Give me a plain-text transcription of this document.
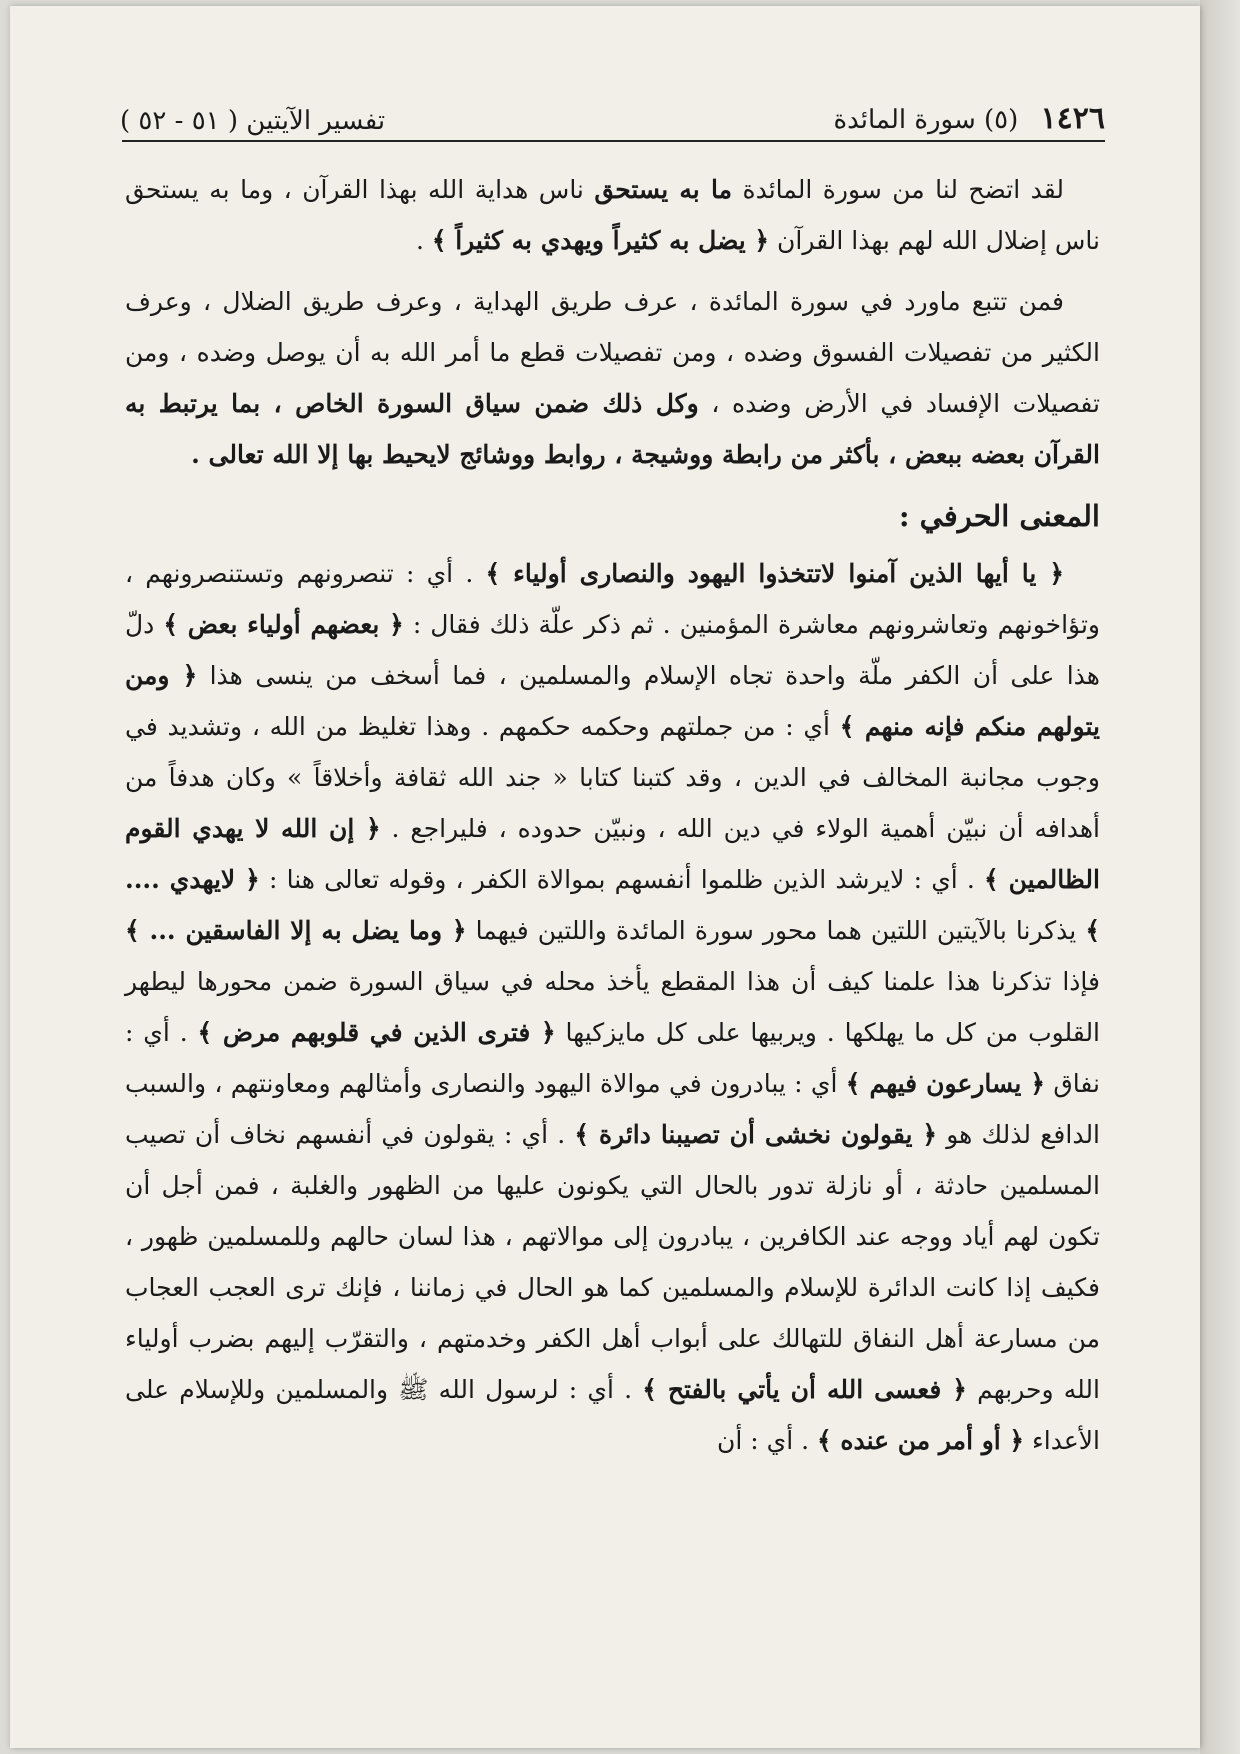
١٤٢٦ (٥) سورة المائدة
تفسير الآيتين ( ٥١ - ٥٢ )

لقد اتضح لنا من سورة المائدة ما به يستحق ناس هداية الله بهذا القرآن ، وما به يستحق ناس إضلال الله لهم بهذا القرآن ﴿ يضل به كثيراً ويهدي به كثيراً ﴾ .

فمن تتبع ماورد في سورة المائدة ، عرف طريق الهداية ، وعرف طريق الضلال ، وعرف الكثير من تفصيلات الفسوق وضده ، ومن تفصيلات قطع ما أمر الله به أن يوصل وضده ، ومن تفصيلات الإفساد في الأرض وضده ، وكل ذلك ضمن سياق السورة الخاص ، بما يرتبط به القرآن بعضه ببعض ، بأكثر من رابطة ووشيجة ، روابط ووشائج لايحيط بها إلا الله تعالى .

المعنى الحرفي :

﴿ يا أيها الذين آمنوا لاتتخذوا اليهود والنصارى أولياء ﴾ . أي : تنصرونهم وتستنصرونهم ، وتؤاخونهم وتعاشرونهم معاشرة المؤمنين . ثم ذكر علّة ذلك فقال : ﴿ بعضهم أولياء بعض ﴾ دلّ هذا على أن الكفر ملّة واحدة تجاه الإسلام والمسلمين ، فما أسخف من ينسى هذا ﴿ ومن يتولهم منكم فإنه منهم ﴾ أي : من جملتهم وحكمه حكمهم . وهذا تغليظ من الله ، وتشديد في وجوب مجانبة المخالف في الدين ، وقد كتبنا كتابا « جند الله ثقافة وأخلاقاً » وكان هدفاً من أهدافه أن نبيّن أهمية الولاء في دين الله ، ونبيّن حدوده ، فليراجع . ﴿ إن الله لا يهدي القوم الظالمين ﴾ . أي : لايرشد الذين ظلموا أنفسهم بموالاة الكفر ، وقوله تعالى هنا : ﴿ لايهدي .... ﴾ يذكرنا بالآيتين اللتين هما محور سورة المائدة واللتين فيهما ﴿ وما يضل به إلا الفاسقين ... ﴾ فإذا تذكرنا هذا علمنا كيف أن هذا المقطع يأخذ محله في سياق السورة ضمن محورها ليطهر القلوب من كل ما يهلكها . ويربيها على كل مايزكيها ﴿ فترى الذين في قلوبهم مرض ﴾ . أي : نفاق ﴿ يسارعون فيهم ﴾ أي : يبادرون في موالاة اليهود والنصارى وأمثالهم ومعاونتهم ، والسبب الدافع لذلك هو ﴿ يقولون نخشى أن تصيبنا دائرة ﴾ . أي : يقولون في أنفسهم نخاف أن تصيب المسلمين حادثة ، أو نازلة تدور بالحال التي يكونون عليها من الظهور والغلبة ، فمن أجل أن تكون لهم أياد ووجه عند الكافرين ، يبادرون إلى موالاتهم ، هذا لسان حالهم وللمسلمين ظهور ، فكيف إذا كانت الدائرة للإسلام والمسلمين كما هو الحال في زماننا ، فإنك ترى العجب العجاب من مسارعة أهل النفاق للتهالك على أبواب أهل الكفر وخدمتهم ، والتقرّب إليهم بضرب أولياء الله وحربهم ﴿ فعسى الله أن يأتي بالفتح ﴾ . أي : لرسول الله ﷺ والمسلمين وللإسلام على الأعداء ﴿ أو أمر من عنده ﴾ . أي : أن
